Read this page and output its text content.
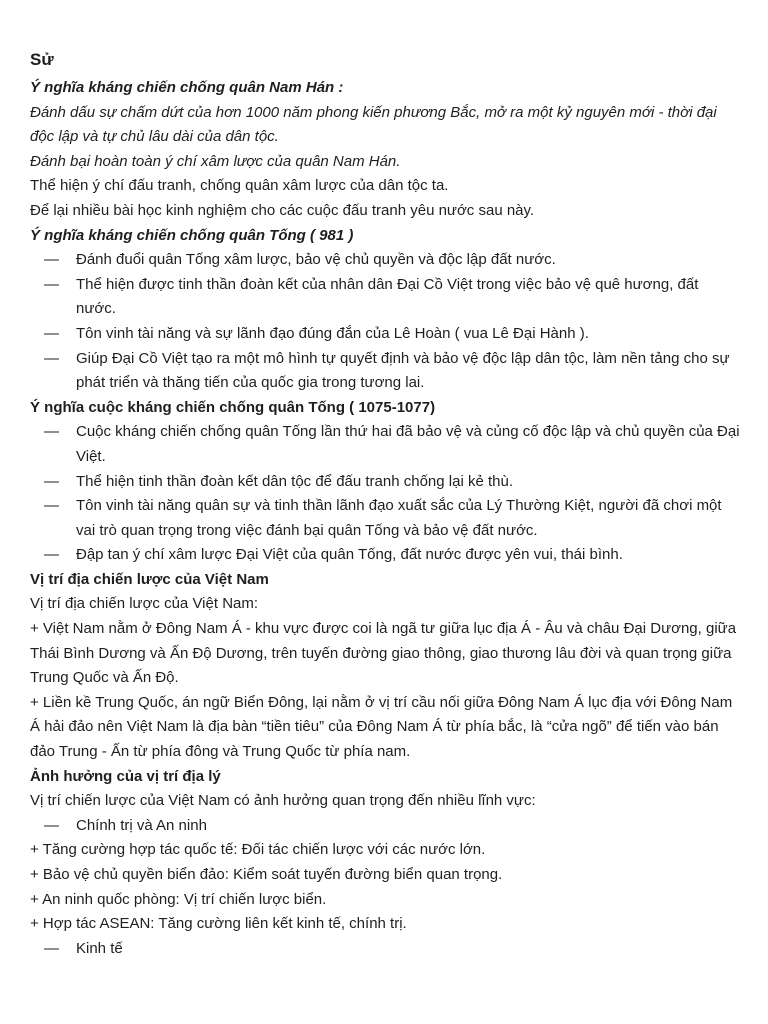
Sử

Ý nghĩa kháng chiến chống quân Nam Hán :

Đánh dấu sự chấm dứt của hơn 1000 năm phong kiến phương Bắc, mở ra một kỷ nguyên mới - thời đại độc lập và tự chủ lâu dài của dân tộc.

Đánh bại hoàn toàn ý chí xâm lược của quân Nam Hán.

Thể hiện ý chí đấu tranh, chống quân xâm lược của dân tộc ta.

Để lại nhiều bài học kinh nghiệm cho các cuộc đấu tranh yêu nước sau này.

Ý nghĩa kháng chiến chống quân Tống ( 981 )

—	Đánh đuổi quân Tống xâm lược, bảo vệ chủ quyền và độc lập đất nước.
—	Thể hiện được tinh thần đoàn kết của nhân dân Đại Cồ Việt trong việc bảo vệ quê hương, đất nước.
—	Tôn vinh tài năng và sự lãnh đạo đúng đắn của Lê Hoàn ( vua Lê Đại Hành ).
—	Giúp Đại Cồ Việt tạo ra một mô hình tự quyết định và bảo vệ độc lập dân tộc, làm nền tảng cho sự phát triển và thăng tiến của quốc gia trong tương lai.

Ý nghĩa cuộc kháng chiến chống quân Tống ( 1075-1077)

—	Cuộc kháng chiến chống quân Tống lần thứ hai đã bảo vệ và củng cố độc lập và chủ quyền của Đại Việt.
—	Thể hiện tinh thần đoàn kết dân tộc để đấu tranh chống lại kẻ thù.
—	Tôn vinh tài năng quân sự và tinh thần lãnh đạo xuất sắc của Lý Thường Kiệt, người đã chơi một vai trò quan trọng trong việc đánh bại quân Tống và bảo vệ đất nước.
—	Đập tan ý chí xâm lược Đại Việt của quân Tống, đất nước được yên vui, thái bình.

Vị trí địa chiến lược của Việt Nam

Vị trí địa chiến lược của Việt Nam:

+ Việt Nam nằm ở Đông Nam Á - khu vực được coi là ngã tư giữa lục địa Á - Âu và châu Đại Dương, giữa Thái Bình Dương và Ấn Độ Dương, trên tuyến đường giao thông, giao thương lâu đời và quan trọng giữa Trung Quốc và Ấn Độ.

+ Liền kề Trung Quốc, án ngữ Biển Đông, lại nằm ở vị trí cầu nối giữa Đông Nam Á lục địa với Đông Nam Á hải đảo nên Việt Nam là địa bàn “tiền tiêu” của Đông Nam Á từ phía bắc, là “cửa ngõ” để tiến vào bán đảo Trung - Ấn từ phía đông và Trung Quốc từ phía nam.

Ảnh hưởng của vị trí địa lý

Vị trí chiến lược của Việt Nam có ảnh hưởng quan trọng đến nhiều lĩnh vực:

—	Chính trị và An ninh

+ Tăng cường hợp tác quốc tế: Đối tác chiến lược với các nước lớn.

+ Bảo vệ chủ quyền biển đảo: Kiểm soát tuyến đường biển quan trọng.

+ An ninh quốc phòng: Vị trí chiến lược biển.

+ Hợp tác ASEAN: Tăng cường liên kết kinh tế, chính trị.

—	Kinh tế
